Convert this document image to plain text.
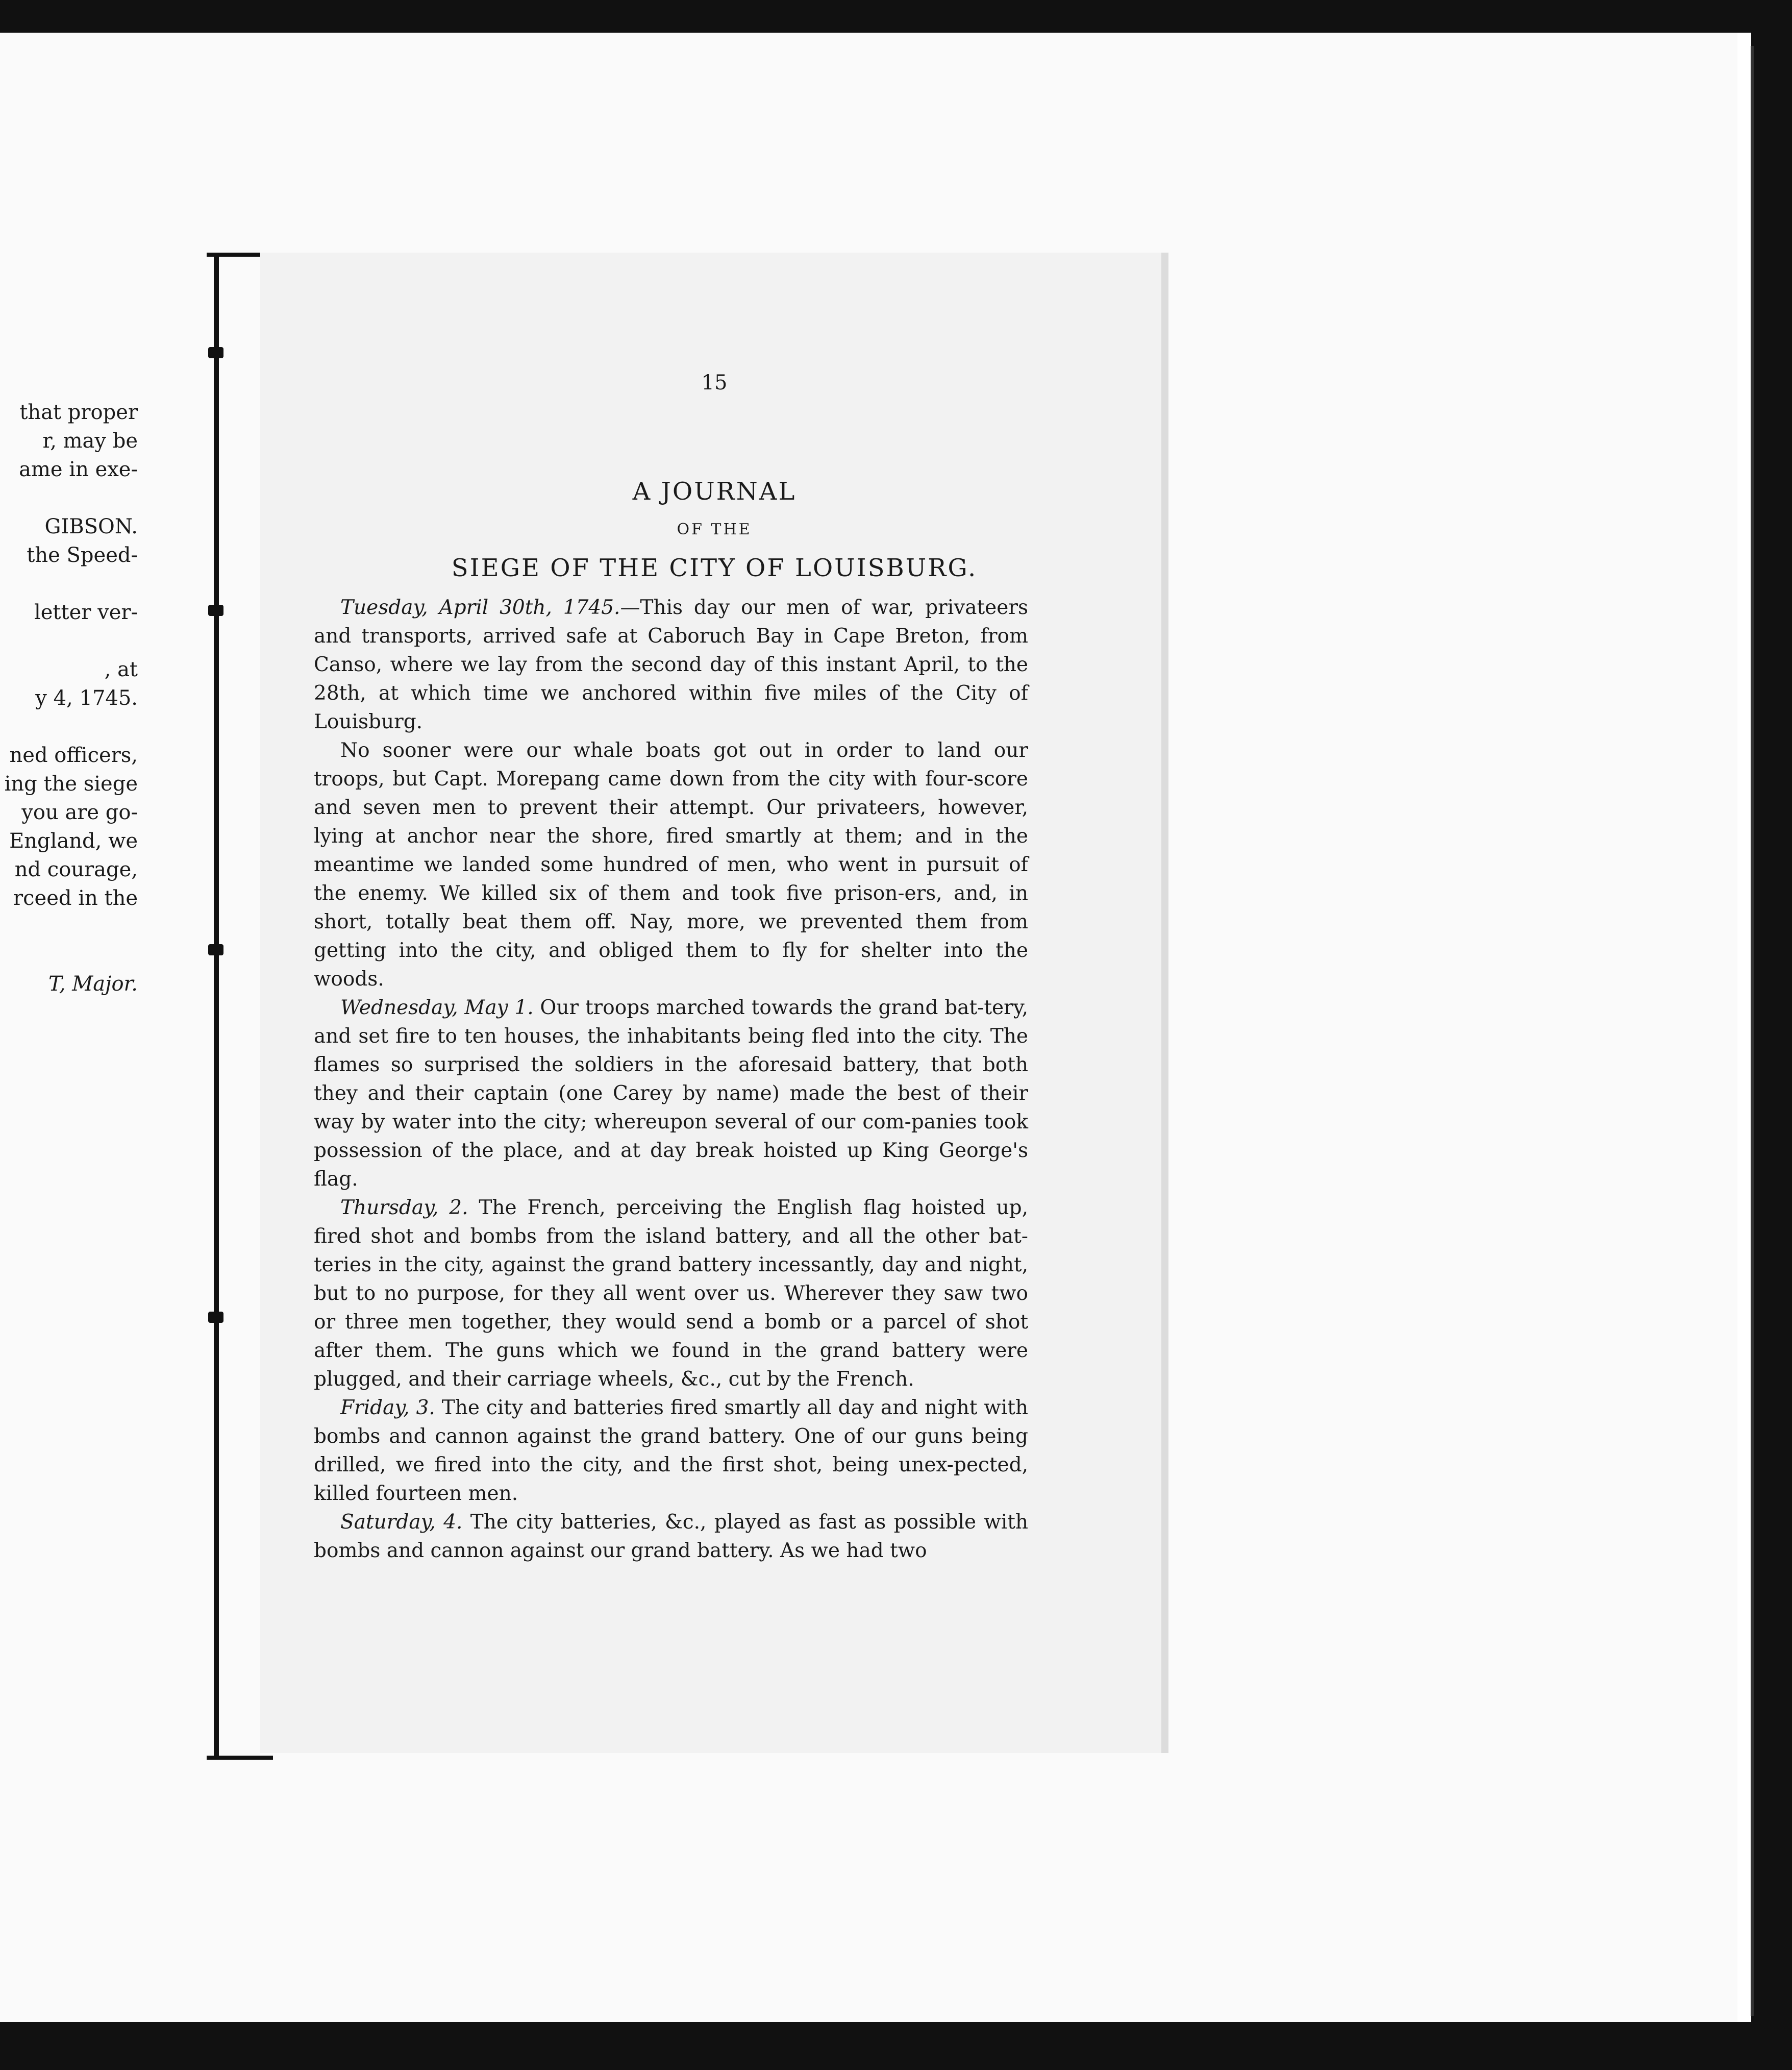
that proper
r, may be
ame in exe-

GIBSON.
the Speed-

letter ver-

, at
y 4, 1745.

ned officers,
ing the siege
you are go-
England, we
nd courage,
rceed in the

T, Major.
15
A JOURNAL
OF THE
SIEGE OF THE CITY OF LOUISBURG.

Tuesday, April 30th, 1745.—This day our men of war, privateers and transports, arrived safe at Caboruch Bay in Cape Breton, from Canso, where we lay from the second day of this instant April, to the 28th, at which time we anchored within five miles of the City of Louisburg.

No sooner were our whale boats got out in order to land our troops, but Capt. Morepang came down from the city with four-score and seven men to prevent their attempt. Our privateers, however, lying at anchor near the shore, fired smartly at them; and in the meantime we landed some hundred of men, who went in pursuit of the enemy. We killed six of them and took five prison-ers, and, in short, totally beat them off. Nay, more, we prevented them from getting into the city, and obliged them to fly for shelter into the woods.

Wednesday, May 1. Our troops marched towards the grand bat-tery, and set fire to ten houses, the inhabitants being fled into the city. The flames so surprised the soldiers in the aforesaid battery, that both they and their captain (one Carey by name) made the best of their way by water into the city; whereupon several of our com-panies took possession of the place, and at day break hoisted up King George's flag.

Thursday, 2. The French, perceiving the English flag hoisted up, fired shot and bombs from the island battery, and all the other bat-teries in the city, against the grand battery incessantly, day and night, but to no purpose, for they all went over us. Wherever they saw two or three men together, they would send a bomb or a parcel of shot after them. The guns which we found in the grand battery were plugged, and their carriage wheels, &c., cut by the French.

Friday, 3. The city and batteries fired smartly all day and night with bombs and cannon against the grand battery. One of our guns being drilled, we fired into the city, and the first shot, being unex-pected, killed fourteen men.

Saturday, 4. The city batteries, &c., played as fast as possible with bombs and cannon against our grand battery. As we had two
